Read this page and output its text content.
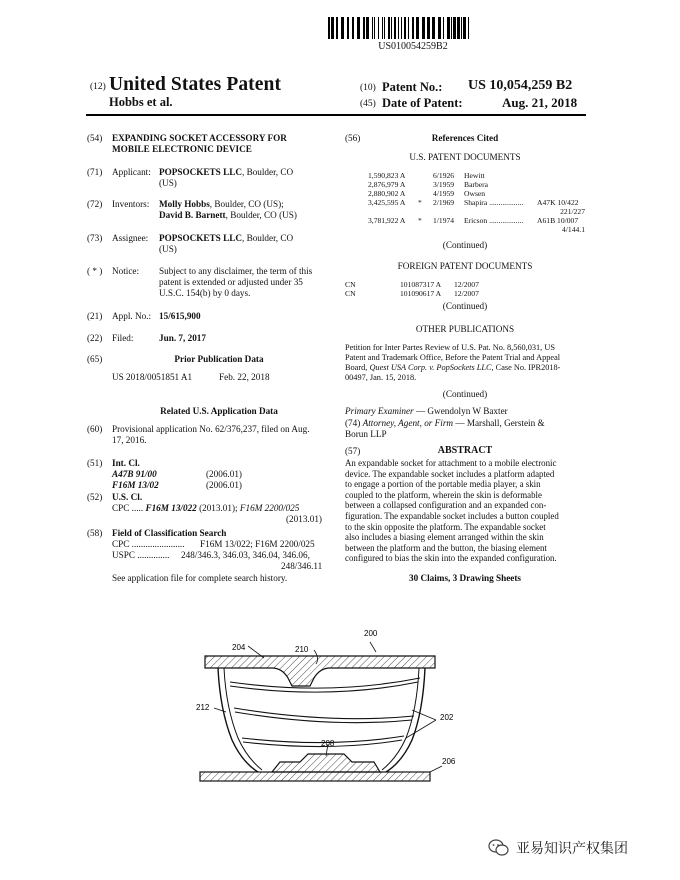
US010054259B2
(12) United States Patent
Hobbs et al.
(10) Patent No.: US 10,054,259 B2
(45) Date of Patent:	Aug. 21, 2018
(54) EXPANDING SOCKET ACCESSORY FOR
MOBILE ELECTRONIC DEVICE
(71) Applicant: POPSOCKETS LLC, Boulder, CO
(US)
(72) Inventors: Molly Hobbs, Boulder, CO (US);
David B. Barnett, Boulder, CO (US)
(73) Assignee: POPSOCKETS LLC, Boulder, CO
(US)
( * ) Notice: Subject to any disclaimer, the term of this
patent is extended or adjusted under 35
U.S.C. 154(b) by 0 days.
(21) Appl. No.: 15/615,900
(22) Filed:	Jun. 7, 2017
(65)	Prior Publication Data
US 2018/0051851 A1	Feb. 22, 2018
Related U.S. Application Data
(60) Provisional application No. 62/376,237, filed on Aug.
17, 2016.
(51) Int. Cl.
A47B 91/00	(2006.01)
F16M 13/02	(2006.01)
(52) U.S. Cl.
CPC ..... F16M 13/022 (2013.01); F16M 2200/025
(2013.01)
(58) Field of Classification Search
CPC ....................... F16M 13/022; F16M 2200/025
USPC .............. 248/346.3, 346.03, 346.04, 346.06,
248/346.11
See application file for complete search history.
(56)	References Cited
U.S. PATENT DOCUMENTS
1,590,823 A	6/1926 Hewitt
2,876,979 A	3/1959 Barbera
2,880,902 A	4/1959 Owsen
3,425,595 A * 2/1969 Shapira .................. A47K 10/422
221/227
3,781,922 A * 1/1974 Ericson .................. A61B 10/007
4/144.1
(Continued)
FOREIGN PATENT DOCUMENTS
CN	101087317 A 12/2007
CN	101090617 A 12/2007
(Continued)
OTHER PUBLICATIONS
Petition for Inter Partes Review of U.S. Pat. No. 8,560,031, US
Patent and Trademark Office, Before the Patent Trial and Appeal
Board, Quest USA Corp. v. PopSockets LLC, Case No. IPR2018-
00497, Jan. 15, 2018.
(Continued)
Primary Examiner — Gwendolyn W Baxter
(74) Attorney, Agent, or Firm — Marshall, Gerstein &
Borun LLP
(57)	ABSTRACT
An expandable socket for attachment to a mobile electronic
device. The expandable socket includes a platform adapted
to engage a portion of the portable media player, a skin
coupled to the platform, wherein the skin is deformable
between a collapsed configuration and an expanded con-
figuration. The expandable socket includes a button coupled
to the skin opposite the platform. The expandable socket
also includes a biasing element arranged within the skin
between the platform and the button, the biasing element
configured to bias the skin into the expanded configuration.
30 Claims, 3 Drawing Sheets
200
204	210
212
202
208
206
亚易知识产权集团
